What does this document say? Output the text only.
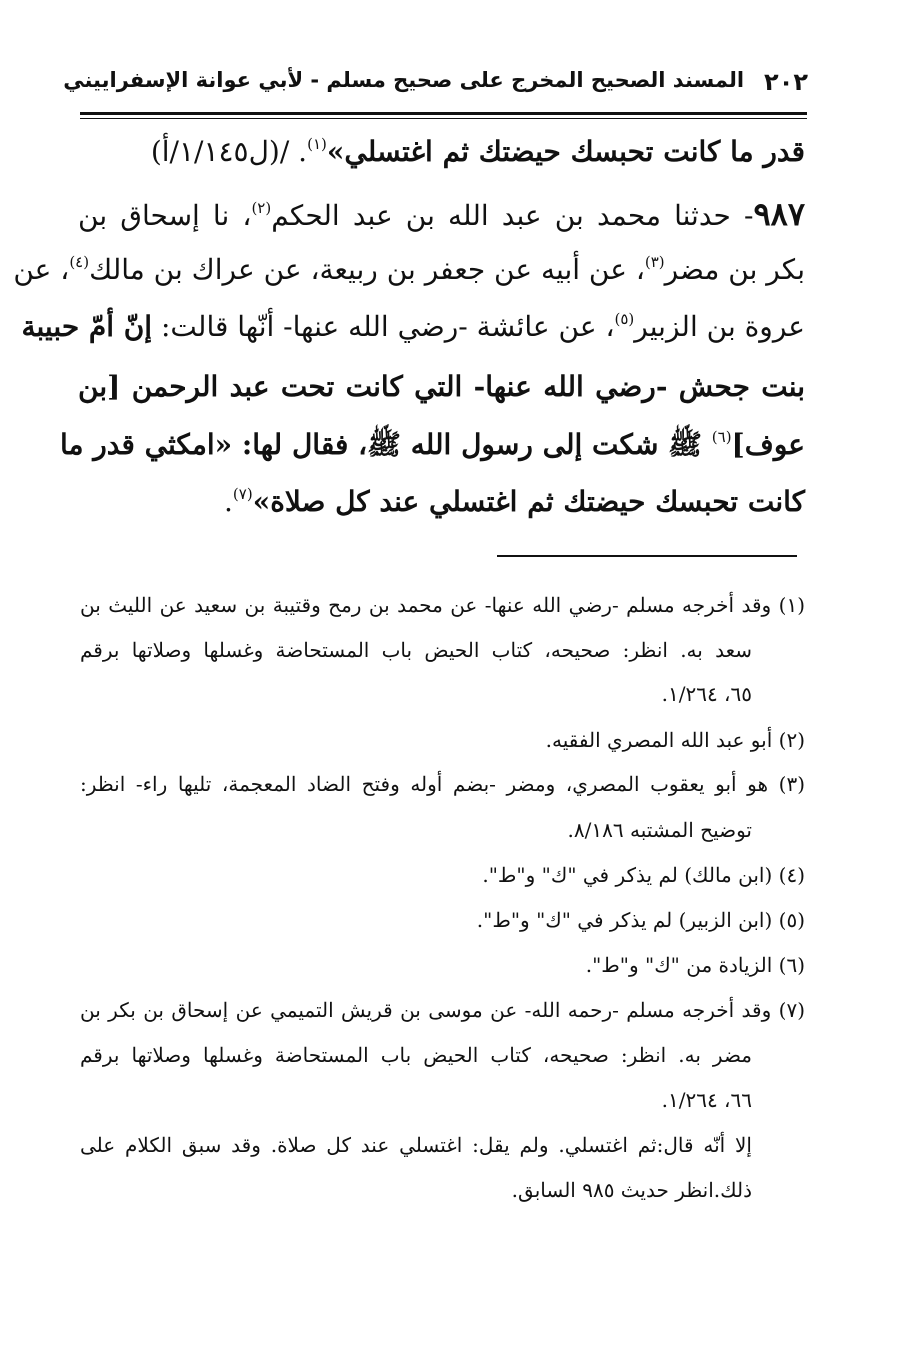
٢٠٢
المسند الصحيح المخرج على صحيح مسلم - لأبي عوانة الإسفراييني
قدر ما كانت تحبسك حيضتك ثم اغتسلي»$^{(١)}$. /(ل١/١٤٥/أ)
٩٨٧- حدثنا محمد بن عبد الله بن عبد الحكم$^{(٢)}$، نا إسحاق بن
بكر بن مضر$^{(٣)}$، عن أبيه عن جعفر بن ربيعة، عن عراك بن مالك$^{(٤)}$، عن
عروة بن الزبير$^{(٥)}$، عن عائشة -رضي الله عنها- أنّها قالت: إنّ أمّ حبيبة
بنت جحش -رضي الله عنها- التي كانت تحت عبد الرحمن [بن
عوف]$^{(٦)}$ ﷺ شكت إلى رسول الله ﷺ، فقال لها: «امكثي قدر ما
كانت تحبسك حيضتك ثم اغتسلي عند كل صلاة»$^{(٧)}$.
(١) وقد أخرجه مسلم -رضي الله عنها- عن محمد بن رمح وقتيبة بن سعيد عن الليث بن
سعد به. انظر: صحيحه، كتاب الحيض باب المستحاضة وغسلها وصلاتها برقم
٦٥، ١/٢٦٤.
(٢) أبو عبد الله المصري الفقيه.
(٣) هو أبو يعقوب المصري، ومضر -بضم أوله وفتح الضاد المعجمة، تليها راء- انظر:
توضيح المشتبه ٨/١٨٦.
(٤) (ابن مالك) لم يذكر في "ك" و"ط".
(٥) (ابن الزبير) لم يذكر في "ك" و"ط".
(٦) الزيادة من "ك" و"ط".
(٧) وقد أخرجه مسلم -رحمه الله- عن موسى بن قريش التميمي عن إسحاق بن بكر بن
مضر به. انظر: صحيحه، كتاب الحيض باب المستحاضة وغسلها وصلاتها برقم
٦٦، ١/٢٦٤.
إلا أنّه قال:ثم اغتسلي. ولم يقل: اغتسلي عند كل صلاة. وقد سبق الكلام على
ذلك.انظر حديث ٩٨٥ السابق.
